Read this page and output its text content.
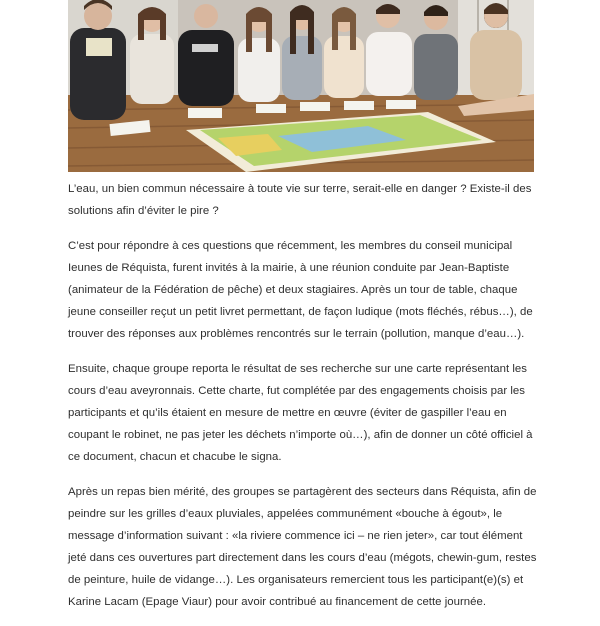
L’eau, un bien commun nécessaire à toute vie sur terre, serait-elle en danger ? Existe-il des solutions afin d’éviter le pire ?

C’est pour répondre à ces questions que récemment, les membres du conseil municipal Ieunes de Réquista, furent invités à la mairie, à une réunion conduite par Jean-Baptiste (animateur de la Fédération de pêche) et deux stagiaires. Après un tour de table, chaque jeune conseiller reçut un petit livret permettant, de façon ludique (mots fléchés, rébus…), de trouver des réponses aux problèmes rencontrés sur le terrain (pollution, manque d’eau…).

Ensuite, chaque groupe reporta le résultat de ses recherche sur une carte représentant les cours d’eau aveyronnais. Cette charte, fut complétée par des engagements choisis par les participants et qu’ils étaient en mesure de mettre en œuvre (éviter de gaspiller l’eau en coupant le robinet, ne pas jeter les déchets n’importe où…), afin de donner un côté officiel à ce document, chacun et chacube le signa.

Après un repas bien mérité, des groupes se partagèrent des secteurs dans Réquista, afin de peindre sur les grilles d’eaux pluviales, appelées communément «bouche à égout», le message d’information suivant : «la riviere commence ici – ne rien jeter», car tout élément jeté dans ces ouvertures part directement dans les cours d’eau (mégots, chewin-gum, restes de peinture, huile de vidange…). Les organisateurs remercient tous les participant(e)(s) et Karine Lacam (Epage Viaur) pour avoir contribué au financement de cette journée.
